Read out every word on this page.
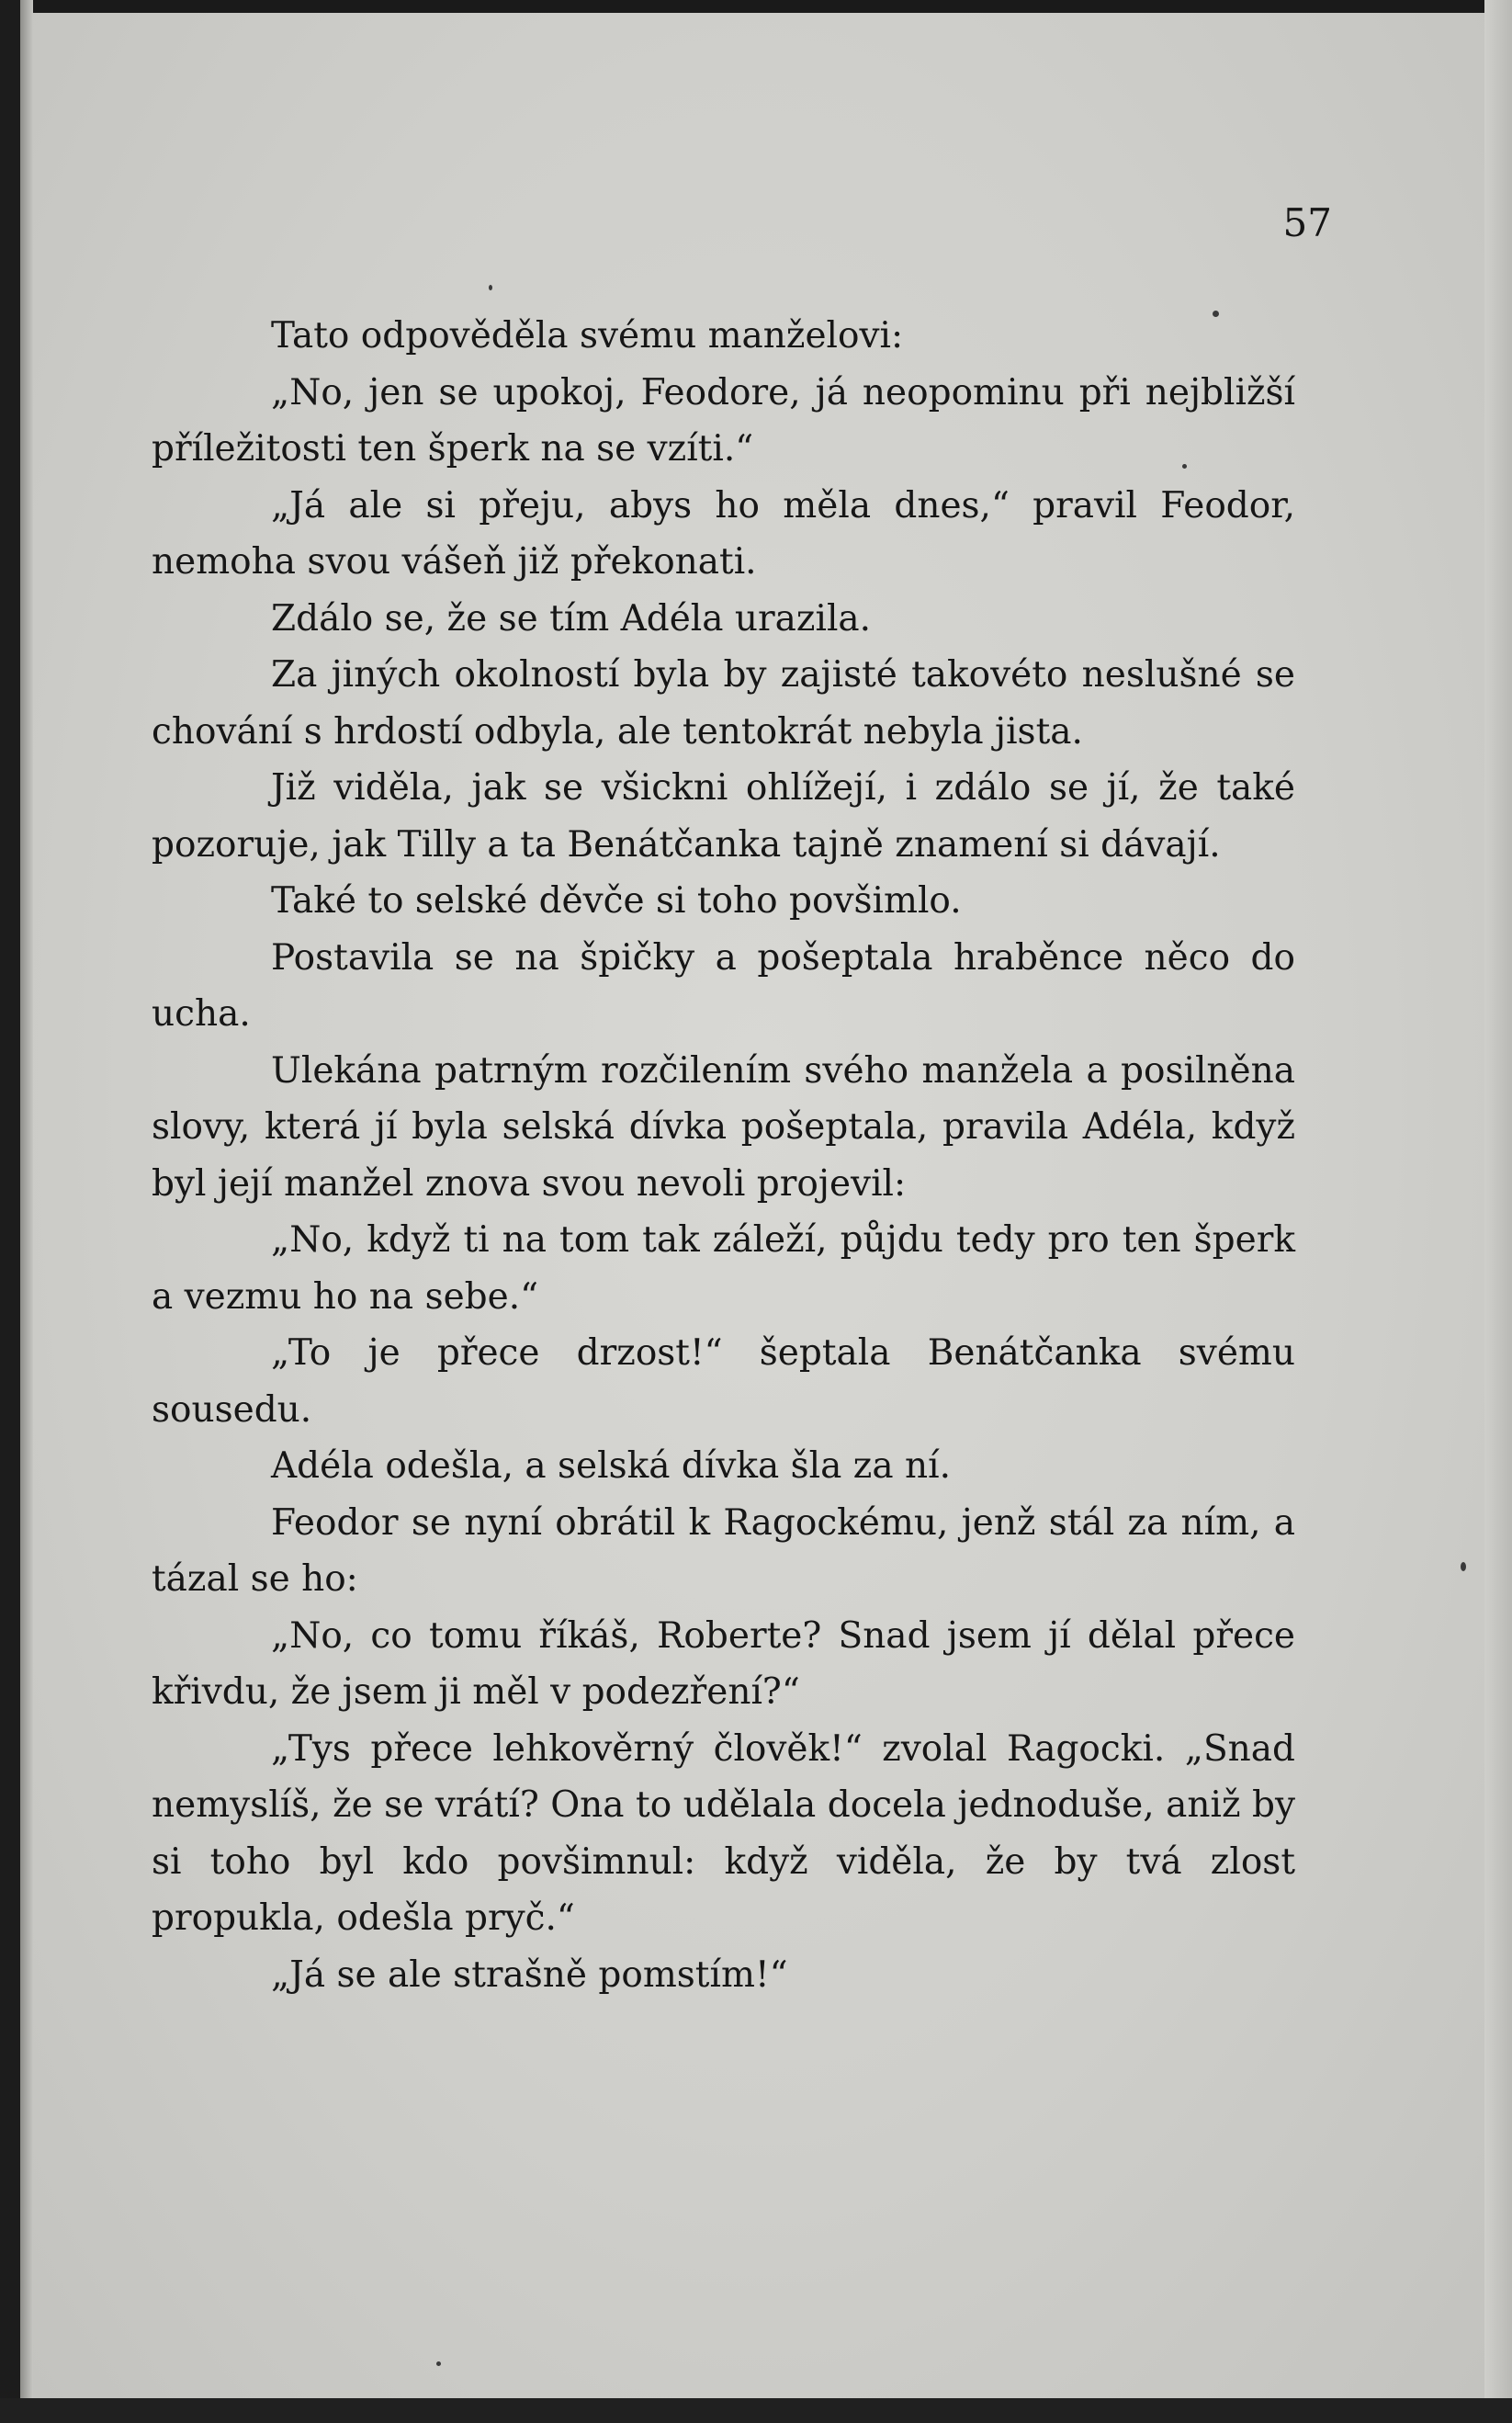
57

Tato odpověděla svému manželovi:

„No, jen se upokoj, Feodore, já neopominu při nejbližší příležitosti ten šperk na se vzíti.“

„Já ale si přeju, abys ho měla dnes,“ pravil Feodor, nemoha svou vášeň již překonati.

Zdálo se, že se tím Adéla urazila.

Za jiných okolností byla by zajisté takovéto neslušné se chování s hrdostí odbyla, ale tentokrát nebyla jista.

Již viděla, jak se všickni ohlížejí, i zdálo se jí, že také pozoruje, jak Tilly a ta Benátčanka tajně znamení si dávají.

Také to selské děvče si toho povšimlo.

Postavila se na špičky a pošeptala hraběnce něco do ucha.

Ulekána patrným rozčilením svého manžela a posilněna slovy, která jí byla selská dívka pošeptala, pravila Adéla, když byl její manžel znova svou nevoli projevil:

„No, když ti na tom tak záleží, půjdu tedy pro ten šperk a vezmu ho na sebe.“

„To je přece drzost!“ šeptala Benátčanka svému sousedu.

Adéla odešla, a selská dívka šla za ní.

Feodor se nyní obrátil k Ragockému, jenž stál za ním, a tázal se ho:

„No, co tomu říkáš, Roberte? Snad jsem jí dělal přece křivdu, že jsem ji měl v podezření?“

„Tys přece lehkověrný člověk!“ zvolal Ragocki. „Snad nemyslíš, že se vrátí? Ona to udělala docela jednoduše, aniž by si toho byl kdo povšimnul: když viděla, že by tvá zlost propukla, odešla pryč.“

„Já se ale strašně pomstím!“
